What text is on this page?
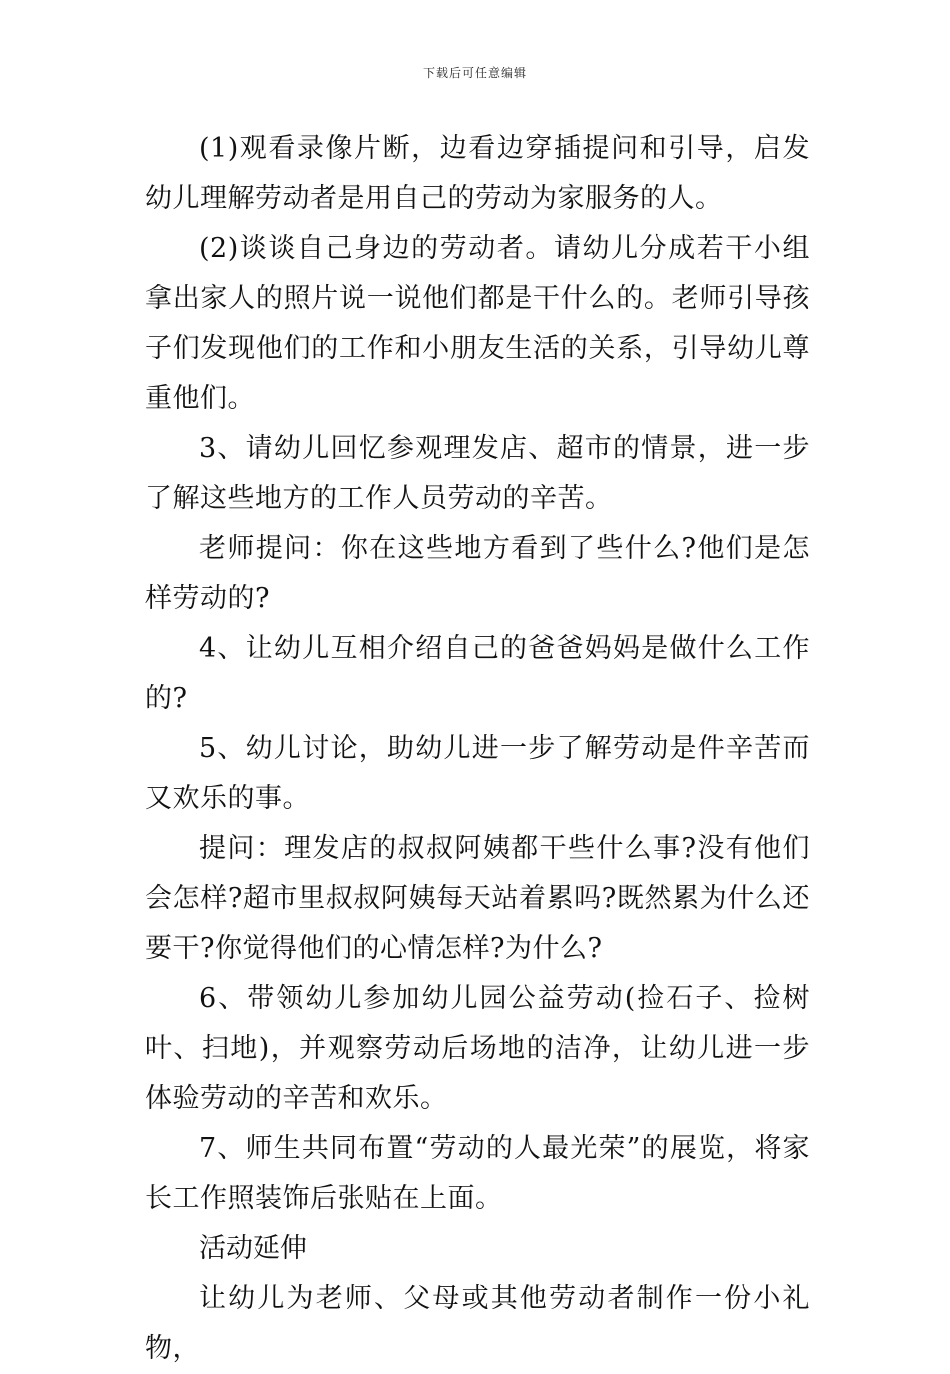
下载后可任意编辑

(1)观看录像片断，边看边穿插提问和引导，启发幼儿理解劳动者是用自己的劳动为家服务的人。

(2)谈谈自己身边的劳动者。请幼儿分成若干小组拿出家人的照片说一说他们都是干什么的。老师引导孩子们发现他们的工作和小朋友生活的关系，引导幼儿尊重他们。

3、请幼儿回忆参观理发店、超市的情景，进一步了解这些地方的工作人员劳动的辛苦。

老师提问：你在这些地方看到了些什么?他们是怎样劳动的?

4、让幼儿互相介绍自己的爸爸妈妈是做什么工作的?

5、幼儿讨论，助幼儿进一步了解劳动是件辛苦而又欢乐的事。

提问：理发店的叔叔阿姨都干些什么事?没有他们会怎样?超市里叔叔阿姨每天站着累吗?既然累为什么还要干?你觉得他们的心情怎样?为什么?

6、带领幼儿参加幼儿园公益劳动(捡石子、捡树叶、扫地)，并观察劳动后场地的洁净，让幼儿进一步体验劳动的辛苦和欢乐。

7、师生共同布置“劳动的人最光荣”的展览，将家长工作照装饰后张贴在上面。

活动延伸

让幼儿为老师、父母或其他劳动者制作一份小礼物，
